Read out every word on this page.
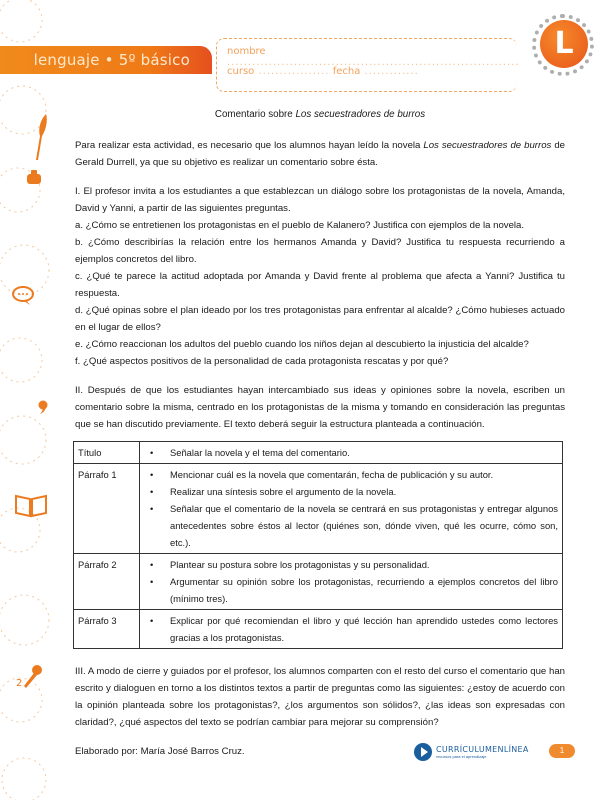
2
lenguaje • 5º básico	nombre ......................................................................
curso ................. fecha .............
L
Comentario sobre Los secuestradores de burros

Para realizar esta actividad, es necesario que los alumnos hayan leído la novela Los secuestradores de burros de Gerald Durrell, ya que su objetivo es realizar un comentario sobre ésta.

I. El profesor invita a los estudiantes a que establezcan un diálogo sobre los protagonistas de la novela, Amanda, David y Yanni, a partir de las siguientes preguntas.

a. ¿Cómo se entretienen los protagonistas en el pueblo de Kalanero? Justifica con ejemplos de la novela.

b. ¿Cómo describirías la relación entre los hermanos Amanda y David? Justifica tu respuesta recurriendo a ejemplos concretos del libro.

c. ¿Qué te parece la actitud adoptada por Amanda y David frente al problema que afecta a Yanni? Justifica tu respuesta.

d. ¿Qué opinas sobre el plan ideado por los tres protagonistas para enfrentar al alcalde? ¿Cómo hubieses actuado en el lugar de ellos?

e. ¿Cómo reaccionan los adultos del pueblo cuando los niños dejan al descubierto la injusticia del alcalde?

f. ¿Qué aspectos positivos de la personalidad de cada protagonista rescatas y por qué?

II. Después de que los estudiantes hayan intercambiado sus ideas y opiniones sobre la novela, escriben un comentario sobre la misma, centrado en los protagonistas de la misma y tomando en consideración las preguntas que se han discutido previamente. El texto deberá seguir la estructura planteada a continuación.

Título	
•Señalar la novela y el tema del comentario.

Párrafo 1	
•Mencionar cuál es la novela que comentarán, fecha de publicación y su autor.
• Realizar una síntesis sobre el argumento de la novela.
• Señalar que el comentario de la novela se centrará en sus protagonistas y entregar algunos antecedentes sobre éstos al lector (quiénes son, dónde viven, qué les ocurre, cómo son, etc.).

Párrafo 2	
•Plantear su postura sobre los protagonistas y su personalidad.
• Argumentar su opinión sobre los protagonistas, recurriendo a ejemplos concretos del libro (mínimo tres).

Párrafo 3	
•Explicar por qué recomiendan el libro y qué lección han aprendido ustedes como lectores gracias a los protagonistas.

III. A modo de cierre y guiados por el profesor, los alumnos comparten con el resto del curso el comentario que han escrito y dialoguen en torno a los distintos textos a partir de preguntas como las siguientes: ¿estoy de acuerdo con la opinión planteada sobre los protagonistas?, ¿los argumentos son sólidos?, ¿las ideas son expresadas con claridad?, ¿qué aspectos del texto se podrían cambiar para mejorar su comprensión?

Elaborado por: María José Barros Cruz.	CURRÍCULUMENLÍNEA
recursos para el aprendizaje
1
